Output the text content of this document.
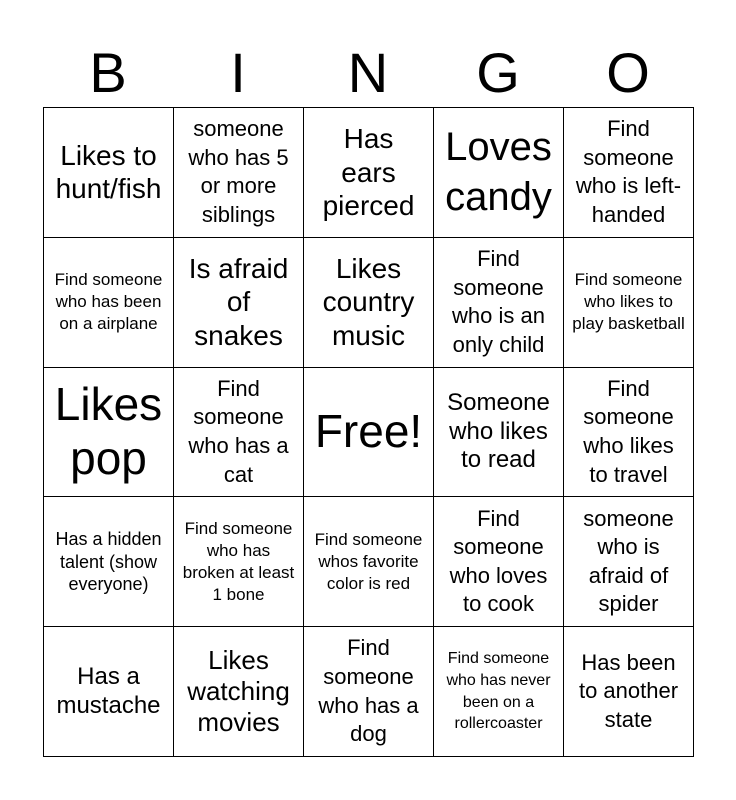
B	I	N	G	O
Likes to hunt/fish
someone who has 5 or more siblings
Has ears pierced
Loves candy
Find someone who is left-handed
Find someone who has been on a airplane
Is afraid of snakes
Likes country music
Find someone who is an only child
Find someone who likes to play basketball
Likes pop
Find someone who has a cat
Free!
Someone who likes to read
Find someone who likes to travel
Has a hidden talent (show everyone)
Find someone who has broken at least 1 bone
Find someone whos favorite color is red
Find someone who loves to cook
someone who is afraid of spider
Has a mustache
Likes watching movies
Find someone who has a dog
Find someone who has never been on a rollercoaster
Has been to another state
